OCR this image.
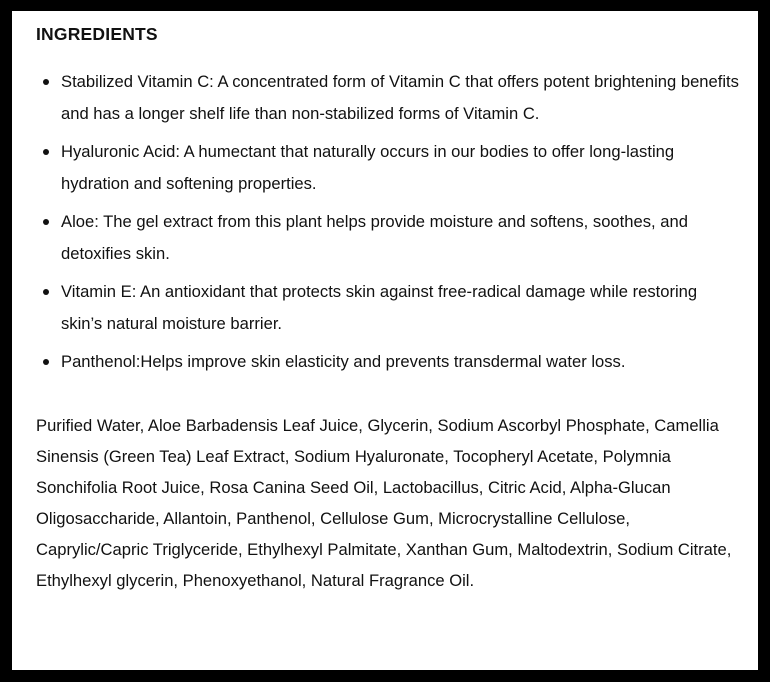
INGREDIENTS
Stabilized Vitamin C: A concentrated form of Vitamin C that offers potent brightening benefits and has a longer shelf life than non-stabilized forms of Vitamin C.
Hyaluronic Acid: A humectant that naturally occurs in our bodies to offer long-lasting hydration and softening properties.
Aloe: The gel extract from this plant helps provide moisture and softens, soothes, and detoxifies skin.
Vitamin E: An antioxidant that protects skin against free-radical damage while restoring skin’s natural moisture barrier.
Panthenol:Helps improve skin elasticity and prevents transdermal water loss.

Purified Water, Aloe Barbadensis Leaf Juice, Glycerin, Sodium Ascorbyl Phosphate, Camellia Sinensis (Green Tea) Leaf Extract, Sodium Hyaluronate, Tocopheryl Acetate, Polymnia Sonchifolia Root Juice, Rosa Canina Seed Oil, Lactobacillus, Citric Acid, Alpha-Glucan Oligosaccharide, Allantoin, Panthenol, Cellulose Gum, Microcrystalline Cellulose, Caprylic/Capric Triglyceride, Ethylhexyl Palmitate, Xanthan Gum, Maltodextrin, Sodium Citrate, Ethylhexyl glycerin, Phenoxyethanol, Natural Fragrance Oil.
